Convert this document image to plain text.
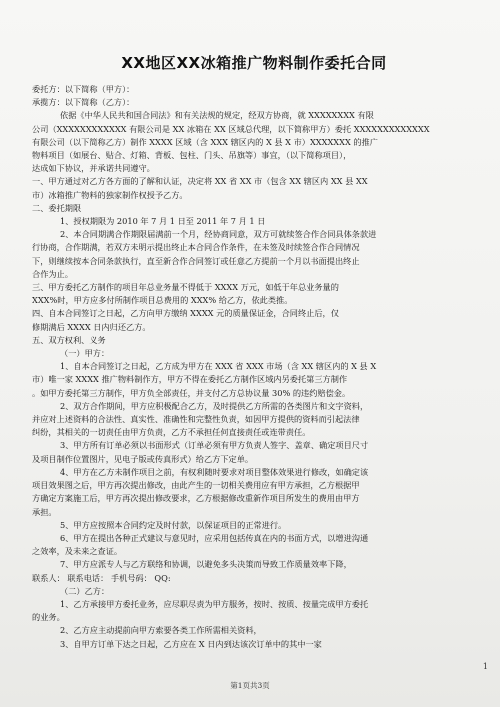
XX地区XX冰箱推广物料制作委托合同
委托方：以下简称（甲方）：
承揽方：以下简称（乙方）：
依据《中华人民共和国合同法》和有关法规的规定，经双方协商，就 XXXXXXXX 有限
公司（XXXXXXXXXXXX 有限公司是 XX 冰箱在 XX 区域总代理，以下简称甲方）委托 XXXXXXXXXXXXX
有限公司（以下简称乙方）制作 XXXX 区域（含 XXX 辖区内的 X 县 X 市）XXXXXXX 的推广
物料项目（如展台、贴合、灯箱、背板、包柱、门头、吊旗等）事宜，（以下简称项目），
达成如下协议，并承诺共同遵守。
一、甲方通过对乙方各方面的了解和认证，决定将 XX 省 XX 市（包含 XX 辖区内 XX 县 XX
市）冰箱推广物料的独家制作权授予乙方。
二、委托期限
1、授权期限为 2010 年 7 月 1 日至 2011 年 7 月 1 日
2、本合同期满合作期限届满前一个月，经协商同意，双方可就续签合作合同具体条款进
行协商，合作期满，若双方未明示提出终止本合同合作条件，在未签及时续签合作合同情况
下，则继续按本合同条款执行，直至新合作合同签订或任意乙方提前一个月以书面提出终止
合作为止。
三、甲方委托乙方制作的项目年总业务量不得低于 XXXX 万元，如低于年总业务量的
XXX%时，甲方应多付所制作项目总费用的 XXX% 给乙方，依此类推。
四、自本合同签订之日起，乙方向甲方缴纳 XXXX 元的质量保证金，合同终止后，仅
修期满后 XXXX 日内归还乙方。
五、双方权利、义务
（一）甲方：
1、自本合同签订之日起，乙方成为甲方在 XXX 省 XXX 市场（含 XX 辖区内的 X 县 X
市）唯一家 XXXX 推广物料制作方，甲方不得在委托乙方制作区域内另委托第三方制作
。如甲方委托第三方制作，甲方负全部责任，并支付乙方总协议量 30% 的违约赔偿金。
2、双方合作期间，甲方应积极配合乙方，及时提供乙方所需的各类图片和文字资料，
并应对上述资料的合法性、真实性、准确性和完整性负责，如因甲方提供的资料而引起法律
纠纷，其相关的一切责任由甲方负责，乙方不承担任何直接责任或连带责任。
3、甲方所有订单必须以书面形式（订单必须有甲方负责人签字、盖章、确定项目尺寸
及项目制作位置图片，见电子版或传真形式）给乙方下定单。
4、甲方在乙方未制作项目之前，有权利随时要求对项目整体效果进行修改，如确定该
项目效果图之后，甲方再次提出修改，由此产生的一切相关费用应有甲方承担，乙方根据甲
方确定方案施工后，甲方再次提出修改要求，乙方根据修改重新作项目所发生的费用由甲方
承担。
5、甲方应按照本合同约定及时付款，以保证项目的正常进行。
6、甲方在提出各种正式建议与意见时，应采用包括传真在内的书面方式，以增进沟通
之效率，及未来之查证。
7、甲方应派专人与乙方联络和协调，以避免多头决策而导致工作质量效率下降，
联系人： 联系电话： 手机号码： QQ:
（二）乙方：
1、乙方承接甲方委托业务，应尽职尽责为甲方服务，按时、按质、按量完成甲方委托
的业务。
2、乙方应主动提前向甲方索要各类工作所需相关资料，
3、自甲方订单下达之日起，乙方应在 X 日内到达该次订单中的其中一家
第1页共3页
1
